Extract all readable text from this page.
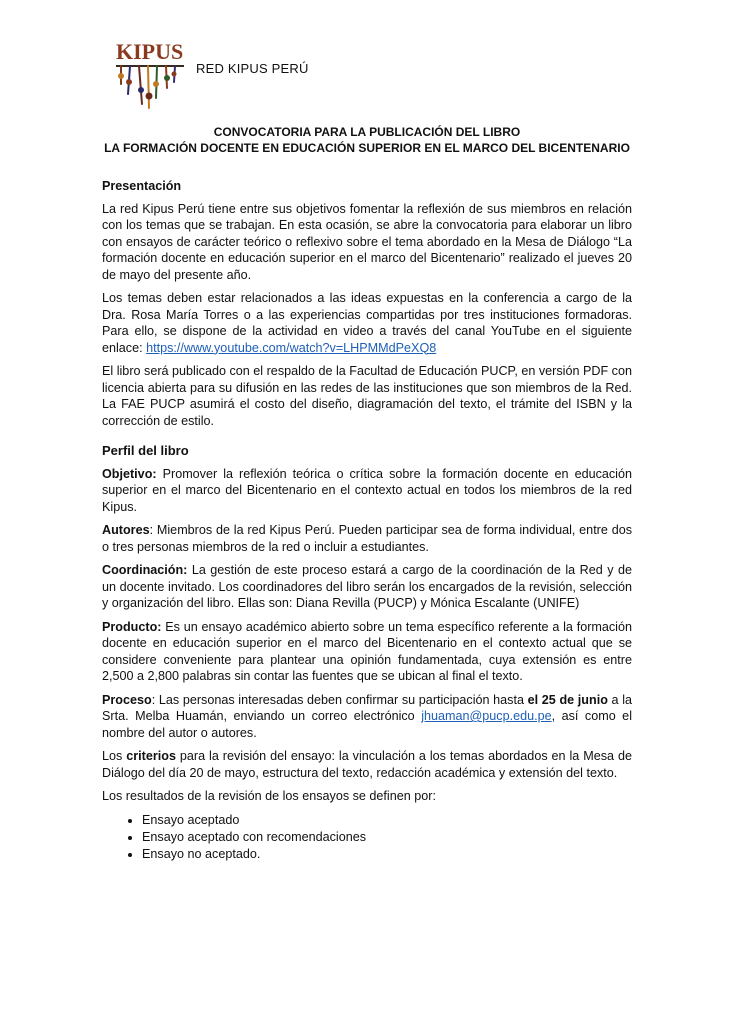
KIPUS
RED KIPUS PERÚ
CONVOCATORIA PARA LA PUBLICACIÓN DEL LIBRO
LA FORMACIÓN DOCENTE EN EDUCACIÓN SUPERIOR EN EL MARCO DEL BICENTENARIO
Presentación

La red Kipus Perú tiene entre sus objetivos fomentar la reflexión de sus miembros en relación con los temas que se trabajan. En esta ocasión, se abre la convocatoria para elaborar un libro con ensayos de carácter teórico o reflexivo sobre el tema abordado en la Mesa de Diálogo “La formación docente en educación superior en el marco del Bicentenario” realizado el jueves 20 de mayo del presente año.

Los temas deben estar relacionados a las ideas expuestas en la conferencia a cargo de la Dra. Rosa María Torres o a las experiencias compartidas por tres instituciones formadoras. Para ello, se dispone de la actividad en video a través del canal YouTube en el siguiente enlace: https://www.youtube.com/watch?v=LHPMMdPeXQ8

El libro será publicado con el respaldo de la Facultad de Educación PUCP, en versión PDF con licencia abierta para su difusión en las redes de las instituciones que son miembros de la Red. La FAE PUCP asumirá el costo del diseño, diagramación del texto, el trámite del ISBN y la corrección de estilo.

Perfil del libro

Objetivo: Promover la reflexión teórica o crítica sobre la formación docente en educación superior en el marco del Bicentenario en el contexto actual en todos los miembros de la red Kipus.

Autores: Miembros de la red Kipus Perú. Pueden participar sea de forma individual, entre dos o tres personas miembros de la red o incluir a estudiantes.

Coordinación: La gestión de este proceso estará a cargo de la coordinación de la Red y de un docente invitado. Los coordinadores del libro serán los encargados de la revisión, selección y organización del libro. Ellas son: Diana Revilla (PUCP) y Mónica Escalante (UNIFE)

Producto: Es un ensayo académico abierto sobre un tema específico referente a la formación docente en educación superior en el marco del Bicentenario en el contexto actual que se considere conveniente para plantear una opinión fundamentada, cuya extensión es entre 2,500 a 2,800 palabras sin contar las fuentes que se ubican al final el texto.

Proceso: Las personas interesadas deben confirmar su participación hasta el 25 de junio a la Srta. Melba Huamán, enviando un correo electrónico jhuaman@pucp.edu.pe, así como el nombre del autor o autores.

Los criterios para la revisión del ensayo: la vinculación a los temas abordados en la Mesa de Diálogo del día 20 de mayo, estructura del texto, redacción académica y extensión del texto.

Los resultados de la revisión de los ensayos se definen por:

• Ensayo aceptado
• Ensayo aceptado con recomendaciones
• Ensayo no aceptado.
